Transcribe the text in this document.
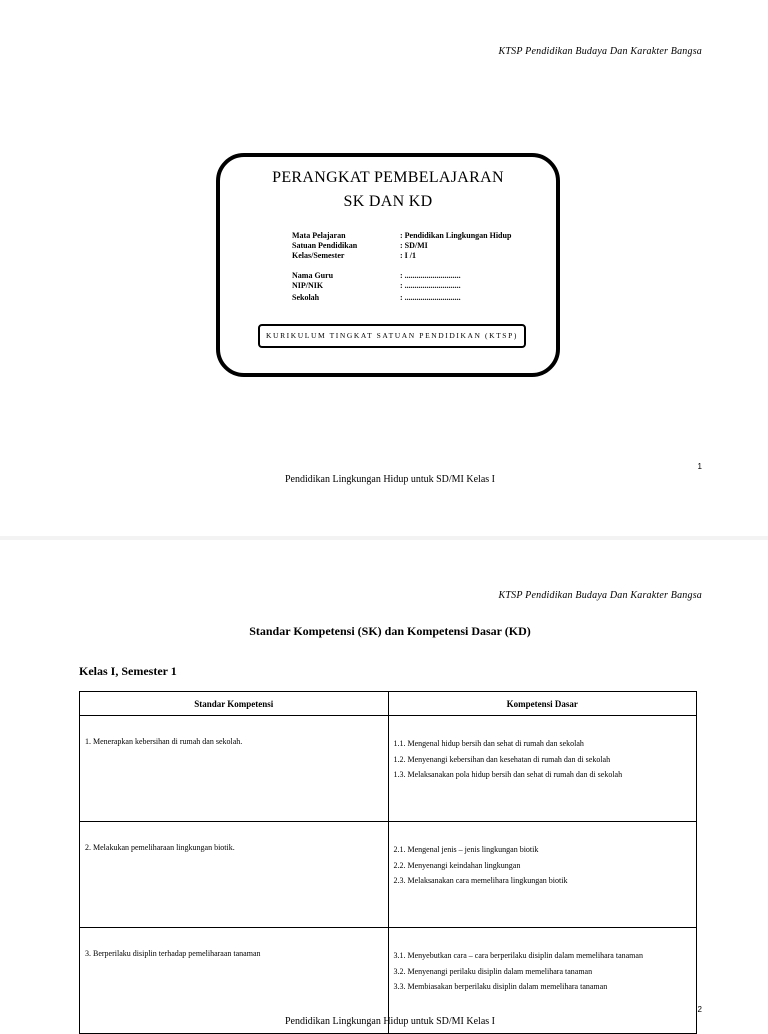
KTSP Pendidikan Budaya Dan Karakter Bangsa
PERANGKAT PEMBELAJARAN
SK DAN KD
Mata Pelajaran	: Pendidikan Lingkungan Hidup
Satuan Pendidikan	: SD/MI
Kelas/Semester	: I /1
Nama Guru	: ............................
NIP/NIK	: ............................
Sekolah	: ............................
KURIKULUM TINGKAT SATUAN PENDIDIKAN (KTSP)
1
Pendidikan Lingkungan Hidup untuk SD/MI Kelas I
KTSP Pendidikan Budaya Dan Karakter Bangsa
Standar Kompetensi (SK) dan Kompetensi Dasar (KD)
Kelas I, Semester 1
Standar Kompetensi	Kompetensi Dasar

1. Menerapkan kebersihan di rumah dan sekolah.	1.1. Mengenal hidup bersih dan sehat di rumah dan sekolah
1.2. Menyenangi kebersihan dan kesehatan di rumah dan di sekolah
1.3. Melaksanakan pola hidup bersih dan sehat di rumah dan di sekolah

2. Melakukan pemeliharaan lingkungan biotik.	2.1. Mengenal jenis – jenis lingkungan biotik
2.2. Menyenangi keindahan lingkungan
2.3. Melaksanakan cara memelihara lingkungan biotik

3. Berperilaku disiplin terhadap pemeliharaan tanaman	3.1. Menyebutkan cara – cara berperilaku disiplin dalam memelihara tanaman
3.2. Menyenangi perilaku disiplin dalam memelihara tanaman
3.3. Membiasakan berperilaku disiplin dalam memelihara tanaman
2
Pendidikan Lingkungan Hidup untuk SD/MI Kelas I
